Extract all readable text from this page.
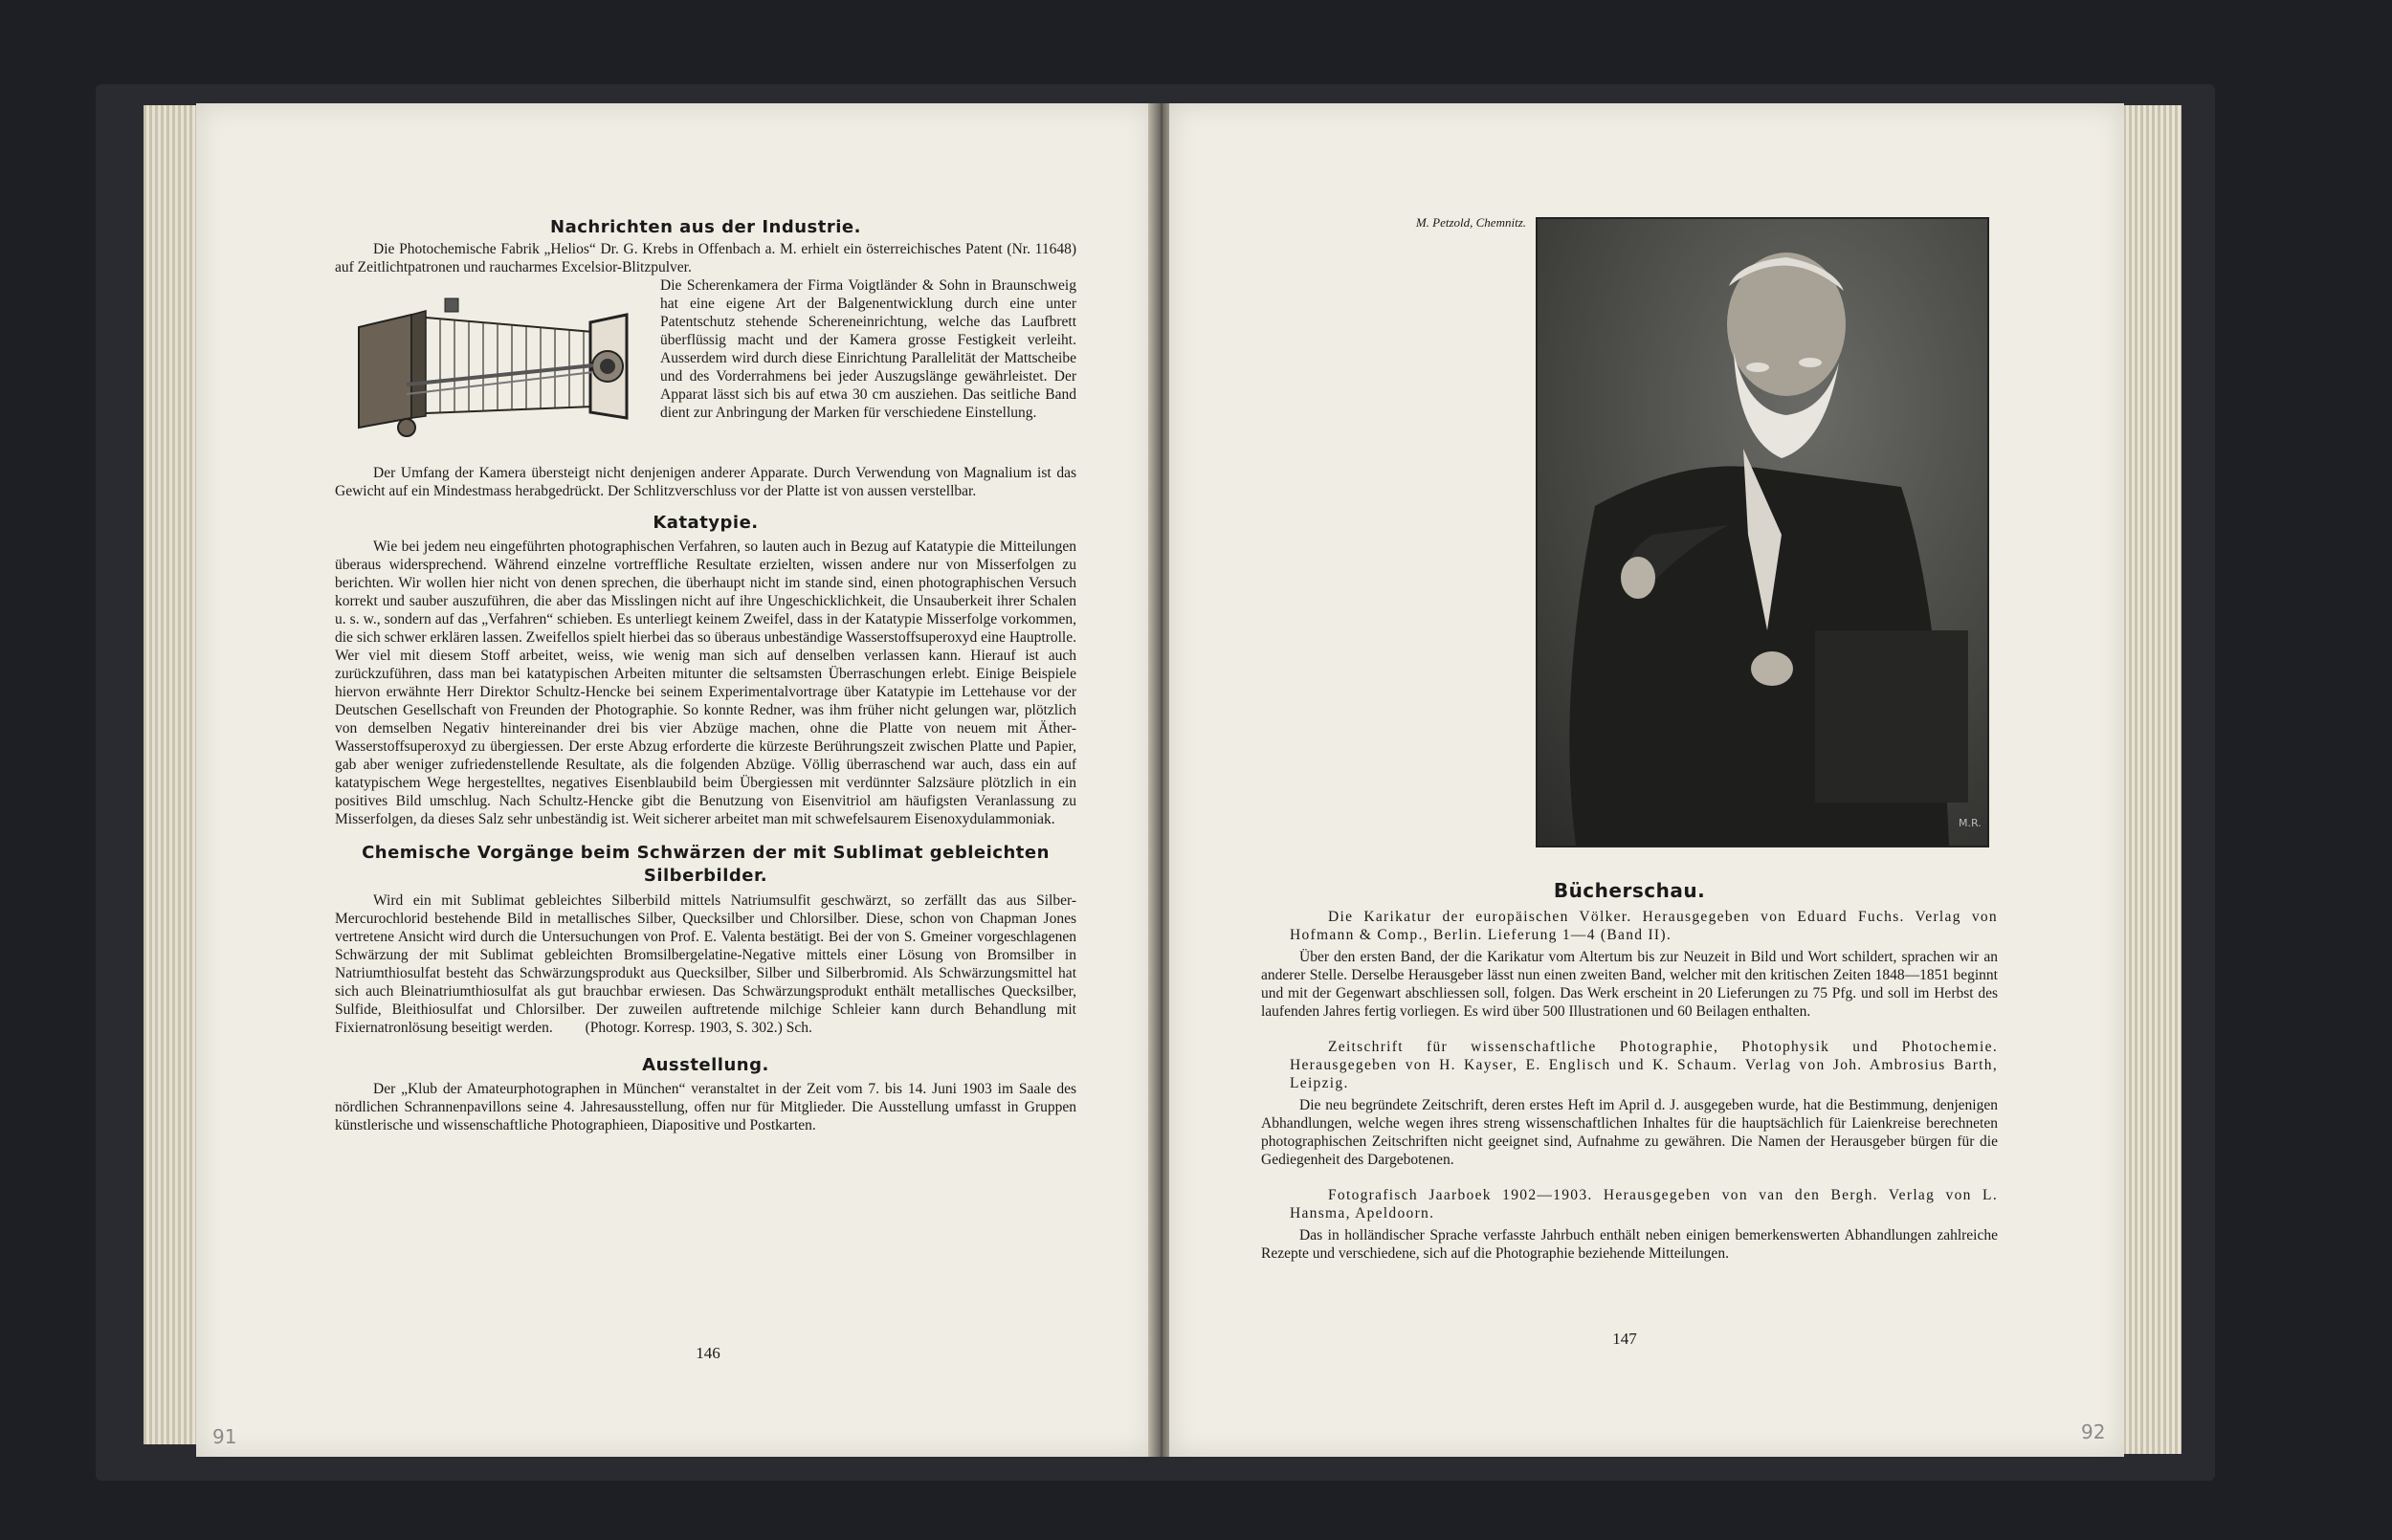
Nachrichten aus der Industrie.

Die Photochemische Fabrik „Helios“ Dr. G. Krebs in Offenbach a. M. erhielt ein österreichisches Patent (Nr. 11648) auf Zeitlichtpatronen und raucharmes Excelsior-Blitzpulver.

Die Scherenkamera der Firma Voigtländer & Sohn in Braunschweig hat eine eigene Art der Balgenentwicklung durch eine unter Patentschutz stehende Schereneinrichtung, welche das Laufbrett überflüssig macht und der Kamera grosse Festigkeit verleiht. Ausserdem wird durch diese Einrichtung Parallelität der Mattscheibe und des Vorderrahmens bei jeder Auszugslänge gewährleistet. Der Apparat lässt sich bis auf etwa 30 cm ausziehen. Das seitliche Band dient zur Anbringung der Marken für verschiedene Einstellung.

Der Umfang der Kamera übersteigt nicht denjenigen anderer Apparate. Durch Verwendung von Magnalium ist das Gewicht auf ein Mindestmass herabgedrückt. Der Schlitzverschluss vor der Platte ist von aussen verstellbar.

Katatypie.

Wie bei jedem neu eingeführten photographischen Verfahren, so lauten auch in Bezug auf Katatypie die Mitteilungen überaus widersprechend. Während einzelne vortreffliche Resultate erzielten, wissen andere nur von Misserfolgen zu berichten. Wir wollen hier nicht von denen sprechen, die überhaupt nicht im stande sind, einen photographischen Versuch korrekt und sauber auszuführen, die aber das Misslingen nicht auf ihre Ungeschicklichkeit, die Unsauberkeit ihrer Schalen u. s. w., sondern auf das „Verfahren“ schieben. Es unterliegt keinem Zweifel, dass in der Katatypie Misserfolge vorkommen, die sich schwer erklären lassen. Zweifellos spielt hierbei das so überaus unbeständige Wasserstoffsuperoxyd eine Hauptrolle. Wer viel mit diesem Stoff arbeitet, weiss, wie wenig man sich auf denselben verlassen kann. Hierauf ist auch zurückzuführen, dass man bei katatypischen Arbeiten mitunter die seltsamsten Überraschungen erlebt. Einige Beispiele hiervon erwähnte Herr Direktor Schultz-Hencke bei seinem Experimentalvortrage über Katatypie im Lettehause vor der Deutschen Gesellschaft von Freunden der Photographie. So konnte Redner, was ihm früher nicht gelungen war, plötzlich von demselben Negativ hintereinander drei bis vier Abzüge machen, ohne die Platte von neuem mit Äther-Wasserstoffsuperoxyd zu übergiessen. Der erste Abzug erforderte die kürzeste Berührungszeit zwischen Platte und Papier, gab aber weniger zufriedenstellende Resultate, als die folgenden Abzüge. Völlig überraschend war auch, dass ein auf katatypischem Wege hergestelltes, negatives Eisenblaubild beim Übergiessen mit verdünnter Salzsäure plötzlich in ein positives Bild umschlug. Nach Schultz-Hencke gibt die Benutzung von Eisenvitriol am häufigsten Veranlassung zu Misserfolgen, da dieses Salz sehr unbeständig ist. Weit sicherer arbeitet man mit schwefelsaurem Eisenoxydulammoniak.

Chemische Vorgänge beim Schwärzen der mit Sublimat gebleichten
Silberbilder.

Wird ein mit Sublimat gebleichtes Silberbild mittels Natriumsulfit geschwärzt, so zerfällt das aus Silber-Mercurochlorid bestehende Bild in metallisches Silber, Quecksilber und Chlorsilber. Diese, schon von Chapman Jones vertretene Ansicht wird durch die Untersuchungen von Prof. E. Valenta bestätigt. Bei der von S. Gmeiner vorgeschlagenen Schwärzung der mit Sublimat gebleichten Bromsilbergelatine-Negative mittels einer Lösung von Bromsilber in Natriumthiosulfat besteht das Schwärzungsprodukt aus Quecksilber, Silber und Silberbromid. Als Schwärzungsmittel hat sich auch Bleinatriumthiosulfat als gut brauchbar erwiesen. Das Schwärzungsprodukt enthält metallisches Quecksilber, Sulfide, Bleithiosulfat und Chlorsilber. Der zuweilen auftretende milchige Schleier kann durch Behandlung mit Fixiernatronlösung beseitigt werden. (Photogr. Korresp. 1903, S. 302.) Sch.

Ausstellung.

Der „Klub der Amateurphotographen in München“ veranstaltet in der Zeit vom 7. bis 14. Juni 1903 im Saale des nördlichen Schrannenpavillons seine 4. Jahresausstellung, offen nur für Mitglieder. Die Ausstellung umfasst in Gruppen künstlerische und wissenschaftliche Photographieen, Diapositive und Postkarten.

146
91
M. Petzold, Chemnitz.
M.R.
Bücherschau.

Die Karikatur der europäischen Völker. Herausgegeben von Eduard Fuchs. Verlag von Hofmann & Comp., Berlin. Lieferung 1—4 (Band II).

Über den ersten Band, der die Karikatur vom Altertum bis zur Neuzeit in Bild und Wort schildert, sprachen wir an anderer Stelle. Derselbe Herausgeber lässt nun einen zweiten Band, welcher mit den kritischen Zeiten 1848—1851 beginnt und mit der Gegenwart abschliessen soll, folgen. Das Werk erscheint in 20 Lieferungen zu 75 Pfg. und soll im Herbst des laufenden Jahres fertig vorliegen. Es wird über 500 Illustrationen und 60 Beilagen enthalten.

Zeitschrift für wissenschaftliche Photographie, Photophysik und Photochemie. Herausgegeben von H. Kayser, E. Englisch und K. Schaum. Verlag von Joh. Ambrosius Barth, Leipzig.

Die neu begründete Zeitschrift, deren erstes Heft im April d. J. ausgegeben wurde, hat die Bestimmung, denjenigen Abhandlungen, welche wegen ihres streng wissenschaftlichen Inhaltes für die hauptsächlich für Laienkreise berechneten photographischen Zeitschriften nicht geeignet sind, Aufnahme zu gewähren. Die Namen der Herausgeber bürgen für die Gediegenheit des Dargebotenen.

Fotografisch Jaarboek 1902—1903. Herausgegeben von van den Bergh. Verlag von L. Hansma, Apeldoorn.

Das in holländischer Sprache verfasste Jahrbuch enthält neben einigen bemerkenswerten Abhandlungen zahlreiche Rezepte und verschiedene, sich auf die Photographie beziehende Mitteilungen.

147
92
